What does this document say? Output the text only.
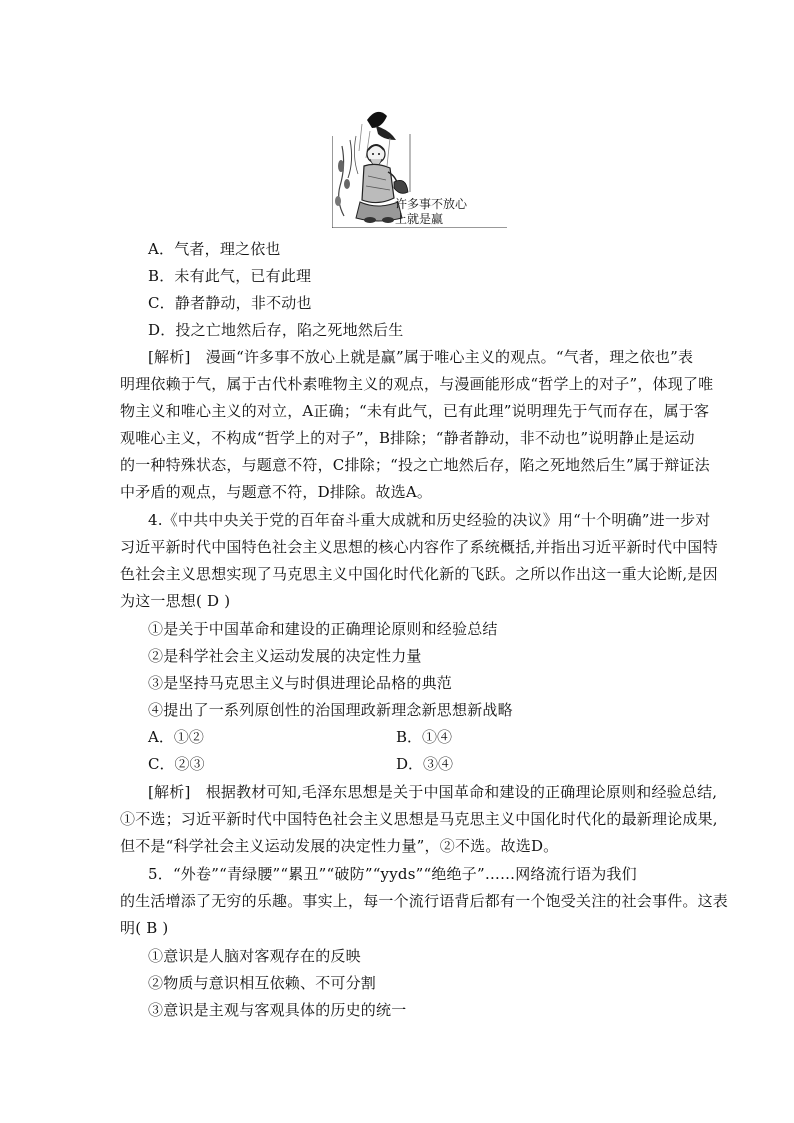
许多事不放心
上就是赢
A．气者，理之依也
B．未有此气，已有此理
C．静者静动，非不动也
D．投之亡地然后存，陷之死地然后生
[解析]　漫画“许多事不放心上就是赢”属于唯心主义的观点。“气者，理之依也”表
明理依赖于气，属于古代朴素唯物主义的观点，与漫画能形成“哲学上的对子”，体现了唯
物主义和唯心主义的对立，A正确；“未有此气，已有此理”说明理先于气而存在，属于客
观唯心主义，不构成“哲学上的对子”，B排除；“静者静动，非不动也”说明静止是运动
的一种特殊状态，与题意不符，C排除；“投之亡地然后存，陷之死地然后生”属于辩证法
中矛盾的观点，与题意不符，D排除。故选A。
4.《中共中央关于党的百年奋斗重大成就和历史经验的决议》用“十个明确”进一步对
习近平新时代中国特色社会主义思想的核心内容作了系统概括,并指出习近平新时代中国特
色社会主义思想实现了马克思主义中国化时代化新的飞跃。之所以作出这一重大论断,是因
为这一思想( D )
①是关于中国革命和建设的正确理论原则和经验总结
②是科学社会主义运动发展的决定性力量
③是坚持马克思主义与时俱进理论品格的典范
④提出了一系列原创性的治国理政新理念新思想新战略
A．①②	B．①④
C．②③	D．③④
[解析]　根据教材可知,毛泽东思想是关于中国革命和建设的正确理论原则和经验总结,
①不选；习近平新时代中国特色社会主义思想是马克思主义中国化时代化的最新理论成果,
但不是“科学社会主义运动发展的决定性力量”，②不选。故选D。
5．“外卷”“青绿腰”“累丑”“破防”“yyds”“绝绝子”……网络流行语为我们
的生活增添了无穷的乐趣。事实上，每一个流行语背后都有一个饱受关注的社会事件。这表
明( B )
①意识是人脑对客观存在的反映
②物质与意识相互依赖、不可分割
③意识是主观与客观具体的历史的统一
